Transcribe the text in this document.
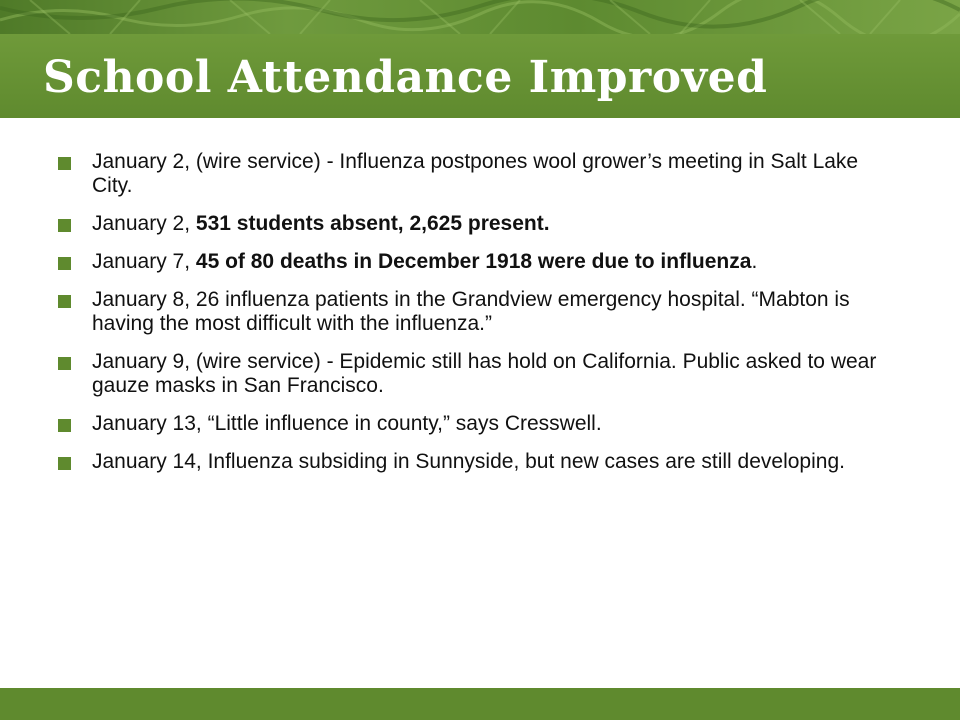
School Attendance Improved
January 2, (wire service) - Influenza postpones wool grower’s meeting in Salt Lake City.
January 2, 531 students absent, 2,625 present.
January 7, 45 of 80 deaths in December 1918 were due to influenza.
January 8, 26 influenza patients in the Grandview emergency hospital. “Mabton is having the most difficult with the influenza.”
January 9, (wire service) - Epidemic still has hold on California. Public asked to wear gauze masks in San Francisco.
January 13, “Little influence in county,” says Cresswell.
January 14, Influenza subsiding in Sunnyside, but new cases are still developing.
